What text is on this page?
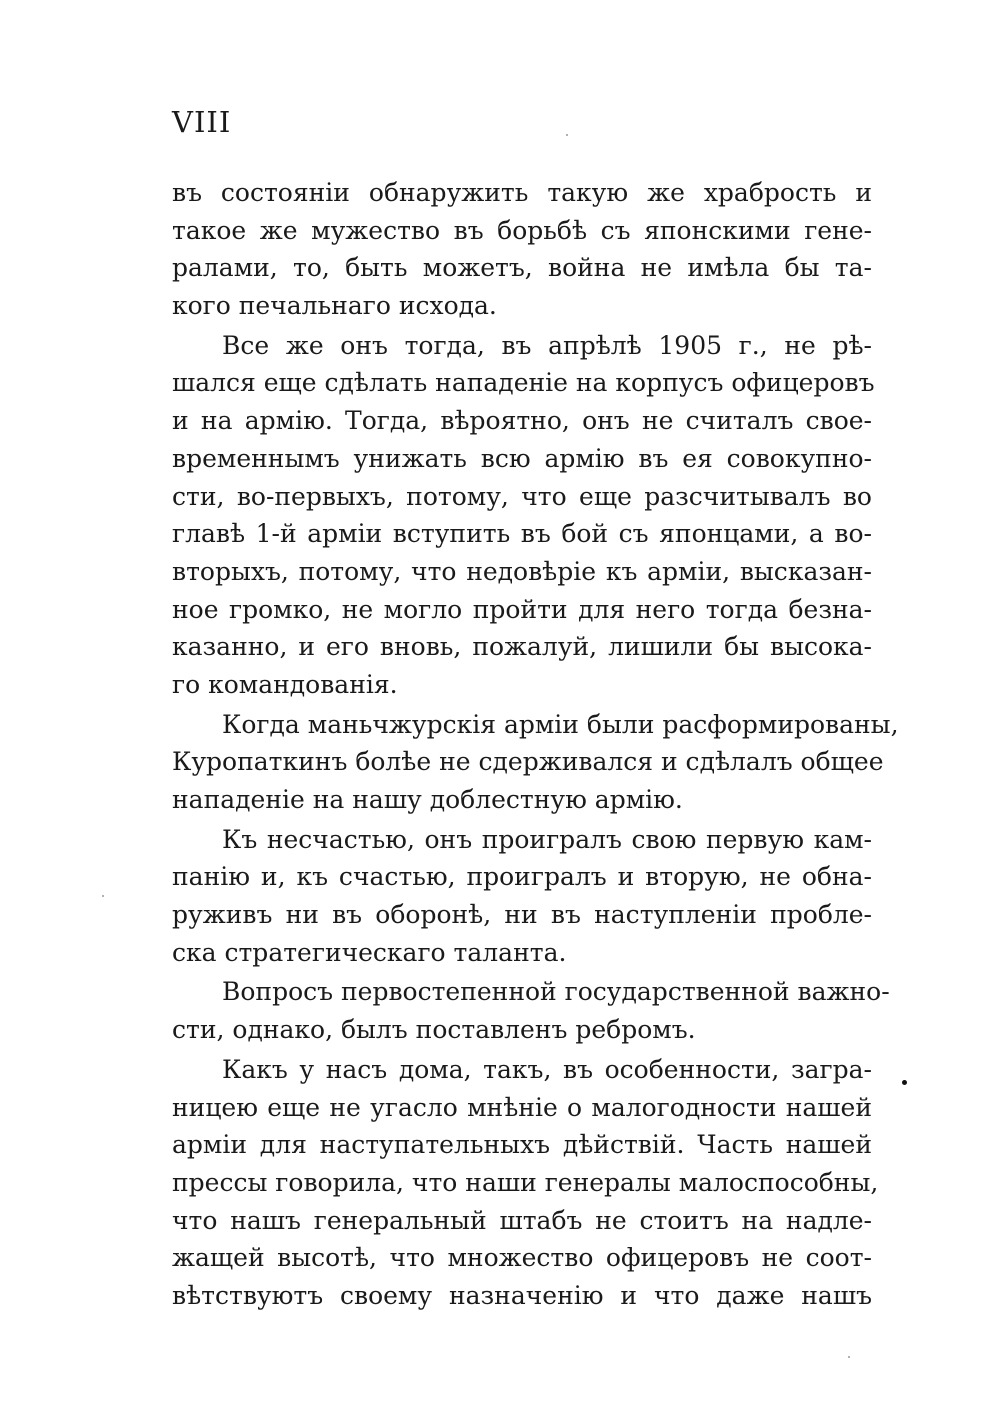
VIII
въ состояніи обнаружить такую же храбрость и
такое же мужество въ борьбѣ съ японскими гене-
ралами, то, быть можетъ, война не имѣла бы та-
кого печальнаго исхода.
Все же онъ тогда, въ апрѣлѣ 1905 г., не рѣ-
шался еще сдѣлать нападеніе на корпусъ офицеровъ
и на армію. Тогда, вѣроятно, онъ не считалъ свое-
временнымъ унижать всю армію въ ея совокупно-
сти, во-первыхъ, потому, что еще разсчитывалъ во
главѣ 1-й арміи вступить въ бой съ японцами, а во-
вторыхъ, потому, что недовѣріе къ арміи, высказан-
ное громко, не могло пройти для него тогда безна-
казанно, и его вновь, пожалуй, лишили бы высока-
го командованія.
Когда маньчжурскія арміи были расформированы,
Куропаткинъ болѣе не сдерживался и сдѣлалъ общее
нападеніе на нашу доблестную армію.
Къ несчастью, онъ проигралъ свою первую кам-
панію и, къ счастью, проигралъ и вторую, не обна-
руживъ ни въ оборонѣ, ни въ наступленіи пробле-
ска стратегическаго таланта.
Вопросъ первостепенной государственной важно-
сти, однако, былъ поставленъ ребромъ.
Какъ у насъ дома, такъ, въ особенности, загра-
ницею еще не угасло мнѣніе о малогодности нашей
арміи для наступательныхъ дѣйствій. Часть нашей
прессы говорила, что наши генералы малоспособны,
что нашъ генеральный штабъ не стоитъ на надле-
жащей высотѣ, что множество офицеровъ не соот-
вѣтствуютъ своему назначенію и что даже нашъ
